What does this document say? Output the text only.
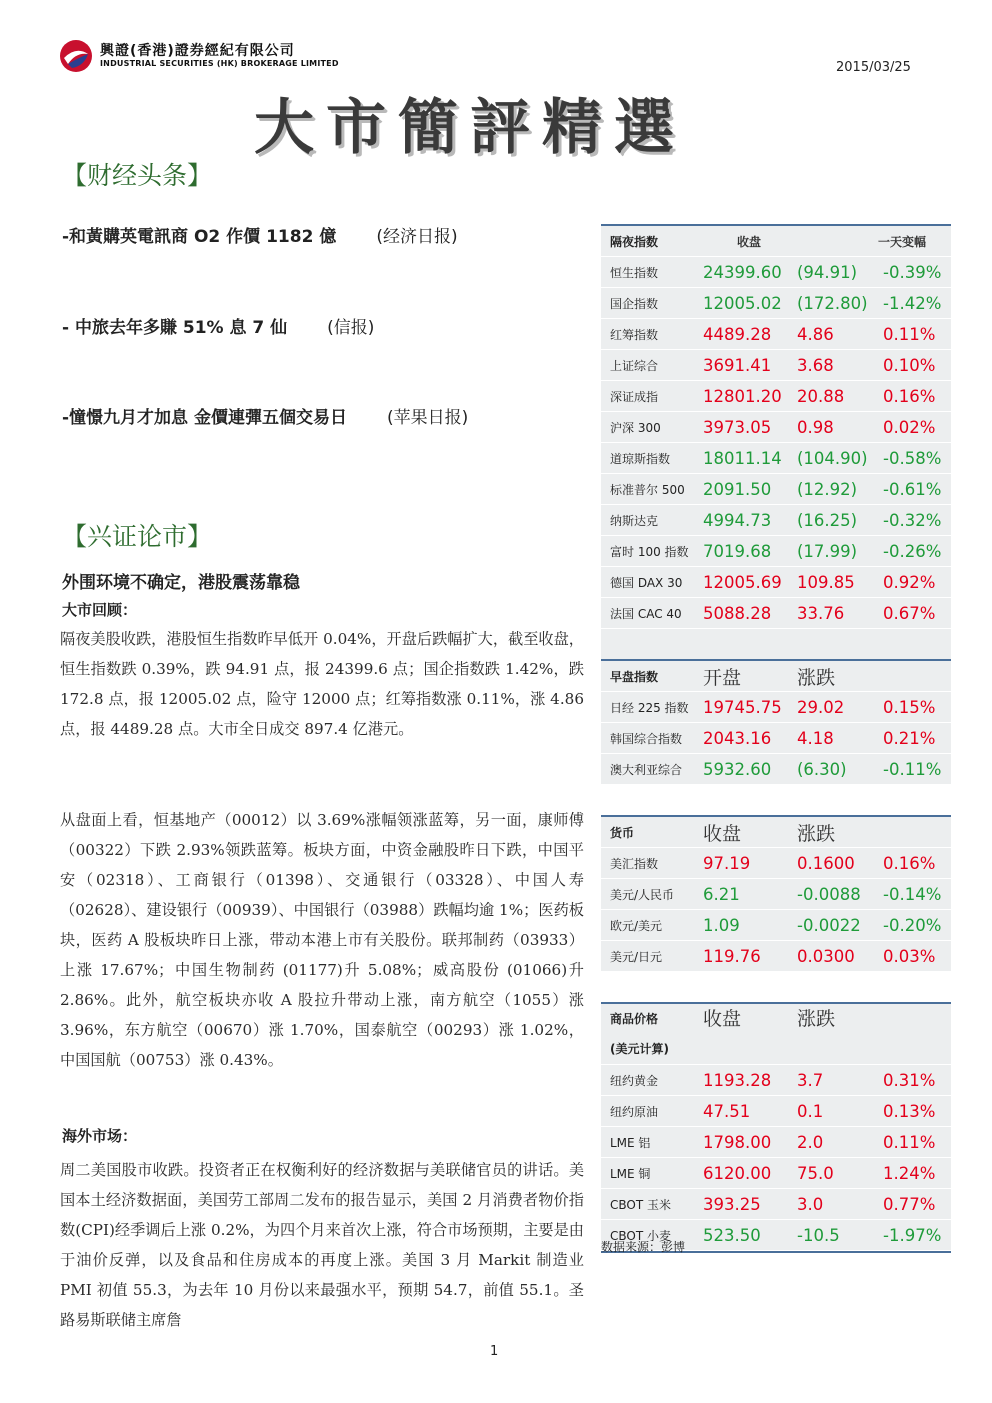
興證(香港)證券經紀有限公司
INDUSTRIAL SECURITIES (HK) BROKERAGE LIMITED	2015/03/25
大市簡評精選
【财经头条】
-和黃購英電訊商 O2 作價 1182 億 (经济日报)
- 中旅去年多賺 51% 息 7 仙 (信报)
-憧憬九月才加息 金價連彈五個交易日 (苹果日报)
【兴证论市】
外围环境不确定，港股震荡靠稳
大市回顾：
隔夜美股收跌，港股恒生指数昨早低开 0.04%，开盘后跌幅扩大，截至收盘，恒生指数跌 0.39%，跌 94.91 点，报 24399.6 点；国企指数跌 1.42%，跌 172.8 点，报 12005.02 点，险守 12000 点；红筹指数涨 0.11%，涨 4.86 点，报 4489.28 点。大市全日成交 897.4 亿港元。
从盘面上看，恒基地产（00012）以 3.69%涨幅领涨蓝筹，另一面，康师傅（00322）下跌 2.93%领跌蓝筹。板块方面，中资金融股昨日下跌，中国平安（02318）、工商银行（01398）、交通银行（03328）、中国人寿（02628）、建设银行（00939）、中国银行（03988）跌幅均逾 1%；医药板块，医药 A 股板块昨日上涨，带动本港上市有关股份。联邦制药（03933）上涨 17.67%；中国生物制药 (01177)升 5.08%；威高股份 (01066)升 2.86%。此外，航空板块亦收 A 股拉升带动上涨，南方航空（1055）涨 3.96%，东方航空（00670）涨 1.70%，国泰航空（00293）涨 1.02%，中国国航（00753）涨 0.43%。
海外市场：
周二美国股市收跌。投资者正在权衡利好的经济数据与美联储官员的讲话。美国本土经济数据面，美国劳工部周二发布的报告显示，美国 2 月消费者物价指数(CPI)经季调后上涨 0.2%，为四个月来首次上涨，符合市场预期，主要是由于油价反弹，以及食品和住房成本的再度上涨。美国 3 月 Markit 制造业 PMI 初值 55.3，为去年 10 月份以来最强水平，预期 54.7，前值 55.1。圣路易斯联储主席詹
隔夜指数	收盘	一天变幅
恒生指数	24399.60 (94.91)	-0.39%
国企指数	12005.02 (172.80) -1.42%
红筹指数	4489.28	4.86	0.11%
上证综合	3691.41	3.68	0.10%
深证成指	12801.20 20.88	0.16%
沪深 300	3973.05	0.98	0.02%
道琼斯指数	18011.14 (104.90) -0.58%
标准普尔 500	2091.50	(12.92)	-0.61%
纳斯达克	4994.73	(16.25)	-0.32%
富时 100 指数 7019.68	(17.99)	-0.26%
德国 DAX 30	12005.69 109.85	0.92%
法国 CAC 40	5088.28	33.76	0.67%
早盘指数	开盘	涨跌
日经 225 指数 19745.75 29.02	0.15%
韩国综合指数	2043.16	4.18	0.21%
澳大利亚综合	5932.60	(6.30)	-0.11%
货币	收盘	涨跌
美汇指数	97.19	0.1600	0.16%
美元/人民币	6.21	-0.0088	-0.14%
欧元/美元	1.09	-0.0022	-0.20%
美元/日元	119.76	0.0300	0.03%
商品价格
(美元计算)
收盘	涨跌
纽约黄金	1193.28	3.7	0.31%
纽约原油	47.51	0.1	0.13%
LME 铝	1798.00	2.0	0.11%
LME 铜	6120.00	75.0	1.24%
CBOT 玉米	393.25	3.0	0.77%
CBOT 小麦	523.50	-10.5	-1.97%
数据来源：彭博
1
